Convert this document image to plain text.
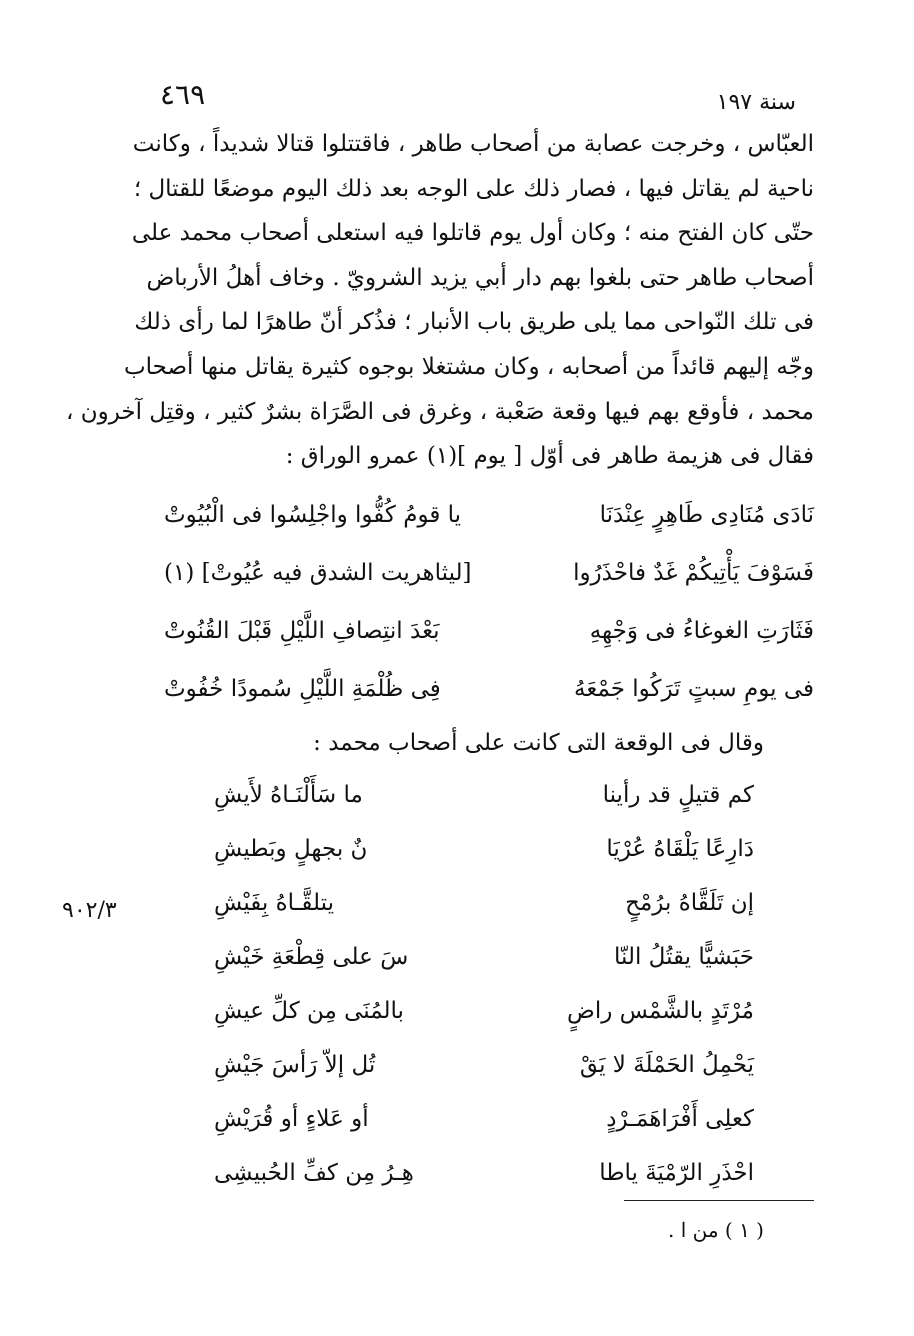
٤٦٩	سنة ١٩٧
العبّاس ، وخرجت عصابة من أصحاب طاهر ، فاقتتلوا قتالا شديداً ، وكانت
ناحية لم يقاتل فيها ، فصار ذلك على الوجه بعد ذلك اليوم موضعًا للقتال ؛
حتّى كان الفتح منه ؛ وكان أول يوم قاتلوا فيه استعلى أصحاب محمد على
أصحاب طاهر حتى بلغوا بهم دار أبي يزيد الشرويّ . وخاف أهلُ الأرباض
فى تلك النّواحى مما يلى طريق باب الأنبار ؛ فذُكر أنّ طاهرًا لما رأى ذلك
وجّه إليهم قائداً من أصحابه ، وكان مشتغلا بوجوه كثيرة يقاتل منها أصحاب
محمد ، فأوقع بهم فيها وقعة صَعْبة ، وغرق فى الصَّرَاة بشرٌ كثير ، وقتِل آخرون ،
فقال فى هزيمة طاهر فى أوّل [ يوم ](١) عمرو الوراق :
نَادَى مُنَادِى طَاهِرٍ عِنْدَنَا
يا قومُ كُفُّوا واجْلِسُوا فى الْبُيُوتْ
فَسَوْفَ يَأْتِيكُمْ غَدٌ فاحْذَرُوا
[ليثاهريت الشدق فيه عُيُوتْ] (١)
فَثَارَتِ الغوغاءُ فى وَجْهِهِ
بَعْدَ انتِصافِ اللَّيْلِ قَبْلَ القُنُوتْ
فى يومِ سبتٍ تَرَكُوا جَمْعَهُ
فِى ظُلْمَةِ اللَّيْلِ سُمودًا خُفُوتْ
وقال فى الوقعة التى كانت على أصحاب محمد :
كم قتيلٍ قد رأينا
ما سَأَلْنَـاهُ لأَيشِ
دَارِعًا يَلْقَاهُ عُرْيَا
نٌ بجهلٍ وبَطيشِ
إن تَلَقَّاهُ برُمْحٍ
يتلقَّـاهُ بِفَيْشِ
حَبَشيًّا يقتُلُ النّا
سَ على قِطْعَةِ خَيْشِ
مُرْتَدٍ بالشَّمْس راضٍ
بالمُنَى مِن كلِّ عيشِ
يَحْمِلُ الحَمْلَةَ لا يَقْ
تُل إلاّ رَأسَ جَيْشِ
كعلِى أَفْرَاهَمَـرْدٍ
أو عَلاءٍ أو قُرَيْشِ
احْذَرِ الرّمْيَةَ ياطا
هِـرُ مِن كفِّ الحُبيشِى
٩٠٢/٣
( ١ ) من ا .
